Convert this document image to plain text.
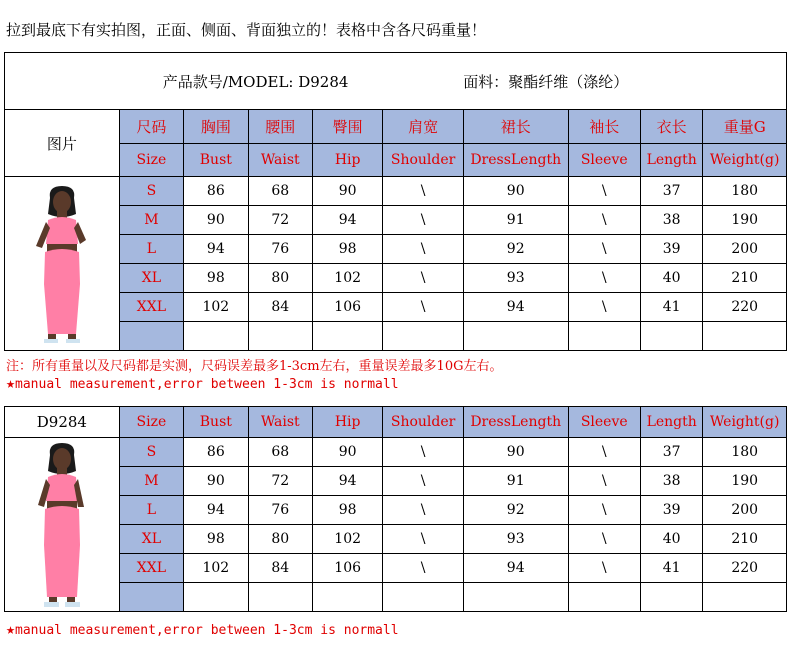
拉到最底下有实拍图，正面、侧面、背面独立的！表格中含各尺码重量！
产品款号/MODEL: D9284 面料：聚酯纤维（涤纶）									
图片	尺码	胸围	腰围	臀围	肩宽	裙长	袖长	衣长	重量G
	Size	Bust	Waist	Hip	Shoulder	DressLength	Sleeve	Length	Weight(g)

	S	86	68	90	\	90	\	37	180
	M	90	72	94	\	91	\	38	190
	L	94	76	98	\	92	\	39	200
	XL	98	80	102	\	93	\	40	210
	XXL	102	84	106	\	94	\	41	220

注：所有重量以及尺码都是实测，尺码误差最多1-3cm左右，重量误差最多10G左右。
★manual measurement,error between 1-3cm is normall
D9284	Size	Bust	Waist	Hip	Shoulder	DressLength	Sleeve	Length	Weight(g)

	S	86	68	90	\	90	\	37	180
	M	90	72	94	\	91	\	38	190
	L	94	76	98	\	92	\	39	200
	XL	98	80	102	\	93	\	40	210
	XXL	102	84	106	\	94	\	41	220

★manual measurement,error between 1-3cm is normall
